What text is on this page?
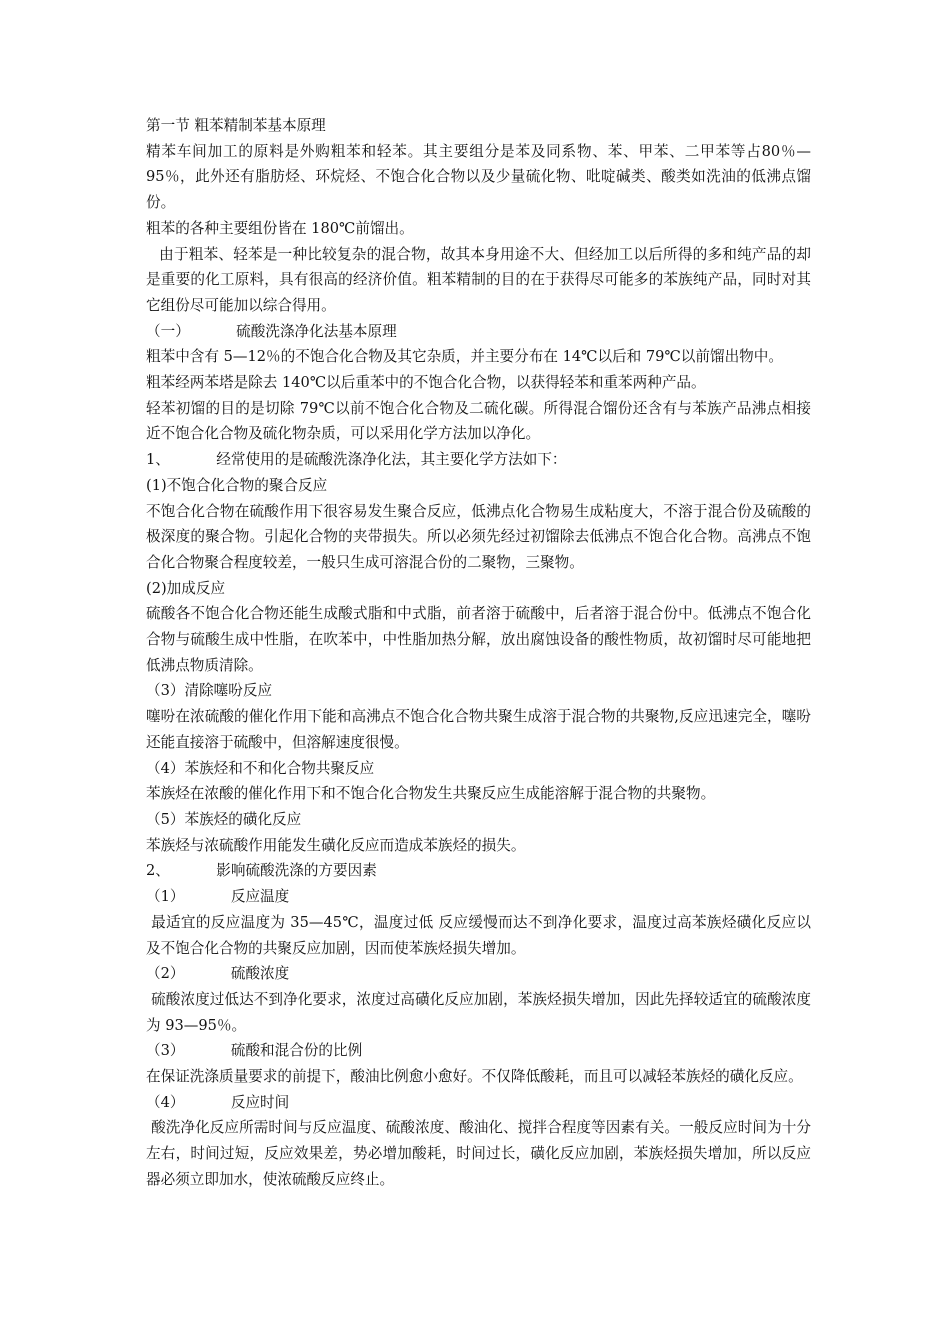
第一节 粗苯精制苯基本原理

精苯车间加工的原料是外购粗苯和轻苯。其主要组分是苯及同系物、苯、甲苯、二甲苯等占80％—95％，此外还有脂肪烃、环烷烃、不饱合化合物以及少量硫化物、吡啶碱类、酸类如洗油的低沸点馏份。

粗苯的各种主要组份皆在 180℃前馏出。

由于粗苯、轻苯是一种比较复杂的混合物，故其本身用途不大、但经加工以后所得的多和纯产品的却是重要的化工原料，具有很高的经济价值。粗苯精制的目的在于获得尽可能多的苯族纯产品，同时对其它组份尽可能加以综合得用。

（一）          硫酸洗涤净化法基本原理

粗苯中含有 5—12％的不饱合化合物及其它杂质，并主要分布在 14℃以后和 79℃以前馏出物中。

粗苯经两苯塔是除去 140℃以后重苯中的不饱合化合物，以获得轻苯和重苯两种产品。

轻苯初馏的目的是切除 79℃以前不饱合化合物及二硫化碳。所得混合馏份还含有与苯族产品沸点相接近不饱合化合物及硫化物杂质，可以采用化学方法加以净化。

1、          经常使用的是硫酸洗涤净化法，其主要化学方法如下：

(1)不饱合化合物的聚合反应

不饱合化合物在硫酸作用下很容易发生聚合反应，低沸点化合物易生成粘度大，不溶于混合份及硫酸的极深度的聚合物。引起化合物的夹带损失。所以必须先经过初馏除去低沸点不饱合化合物。高沸点不饱合化合物聚合程度较差，一般只生成可溶混合份的二聚物，三聚物。

(2)加成反应

硫酸各不饱合化合物还能生成酸式脂和中式脂，前者溶于硫酸中，后者溶于混合份中。低沸点不饱合化合物与硫酸生成中性脂，在吹苯中，中性脂加热分解，放出腐蚀设备的酸性物质，故初馏时尽可能地把低沸点物质清除。

（3）清除噻吩反应

噻吩在浓硫酸的催化作用下能和高沸点不饱合化合物共聚生成溶于混合物的共聚物,反应迅速完全，噻吩还能直接溶于硫酸中，但溶解速度很慢。

（4）苯族烃和不和化合物共聚反应

苯族烃在浓酸的催化作用下和不饱合化合物发生共聚反应生成能溶解于混合物的共聚物。

（5）苯族烃的磺化反应

苯族烃与浓硫酸作用能发生磺化反应而造成苯族烃的损失。

2、          影响硫酸洗涤的方要因素

（1）          反应温度

最适宜的反应温度为 35—45℃，温度过低 反应缓慢而达不到净化要求，温度过高苯族烃磺化反应以及不饱合化合物的共聚反应加剧，因而使苯族烃损失增加。

（2）          硫酸浓度

硫酸浓度过低达不到净化要求，浓度过高磺化反应加剧，苯族烃损失增加，因此先择较适宜的硫酸浓度为 93—95％。

（3）          硫酸和混合份的比例

在保证洗涤质量要求的前提下，酸油比例愈小愈好。不仅降低酸耗，而且可以减轻苯族烃的磺化反应。

（4）          反应时间

酸洗净化反应所需时间与反应温度、硫酸浓度、酸油化、搅拌合程度等因素有关。一般反应时间为十分左右，时间过短，反应效果差，势必增加酸耗，时间过长，磺化反应加剧，苯族烃损失增加，所以反应器必须立即加水，使浓硫酸反应终止。
